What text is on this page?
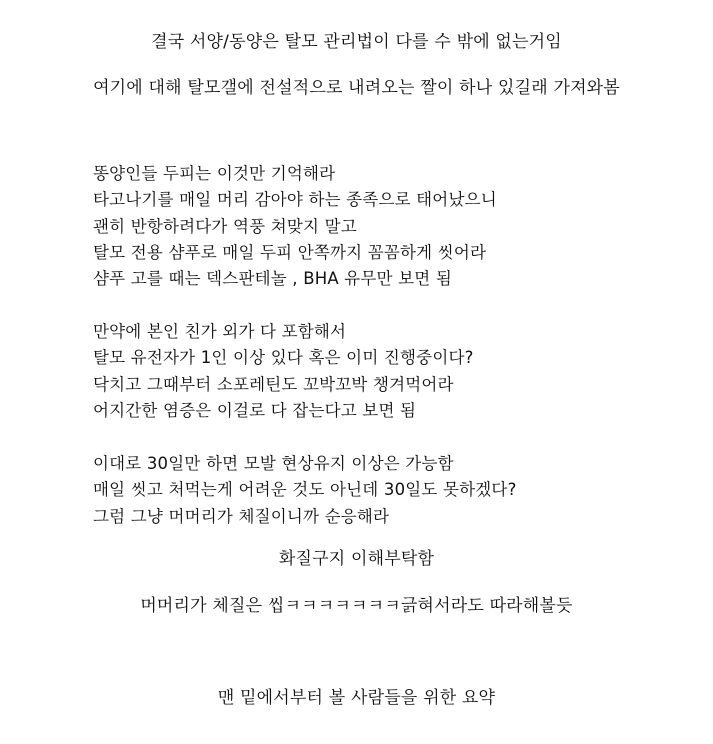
결국 서양/동양은 탈모 관리법이 다를 수 밖에 없는거임
여기에 대해 탈모갤에 전설적으로 내려오는 짤이 하나 있길래 가져와봄
똥양인들 두피는 이것만 기억해라
타고나기를 매일 머리 감아야 하는 종족으로 태어났으니
괜히 반항하려다가 역풍 쳐맞지 말고
탈모 전용 샴푸로 매일 두피 안쪽까지 꼼꼼하게 씻어라
샴푸 고를 때는 덱스판테놀 , BHA 유무만 보면 됨
만약에 본인 친가 외가 다 포함해서
탈모 유전자가 1인 이상 있다 혹은 이미 진행중이다?
닥치고 그때부터 소포레틴도 꼬박꼬박 챙겨먹어라
어지간한 염증은 이걸로 다 잡는다고 보면 됨
이대로 30일만 하면 모발 현상유지 이상은 가능함
매일 씻고 처먹는게 어려운 것도 아닌데 30일도 못하겠다?
그럼 그냥 머머리가 체질이니까 순응해라
화질구지 이해부탁함
머머리가 체질은 씹ㅋㅋㅋㅋㅋㅋㅋ긁혀서라도 따라해볼듯
맨 밑에서부터 볼 사람들을 위한 요약
